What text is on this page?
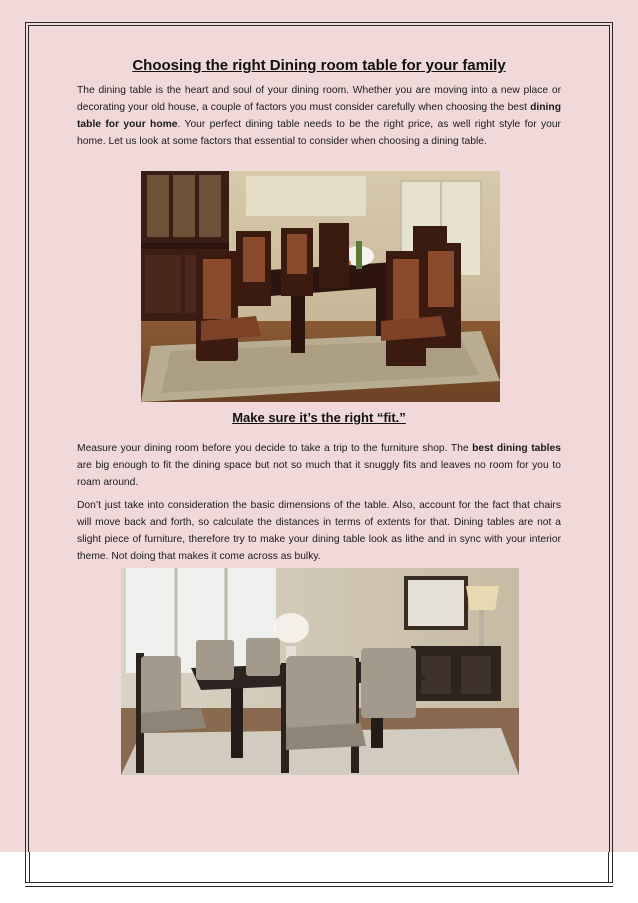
Choosing the right Dining room table for your family
The dining table is the heart and soul of your dining room. Whether you are moving into a new place or decorating your old house, a couple of factors you must consider carefully when choosing the best dining table for your home. Your perfect dining table needs to be the right price, as well right style for your home. Let us look at some factors that essential to consider when choosing a dining table.
Make sure it’s the right “fit.”
Measure your dining room before you decide to take a trip to the furniture shop. The best dining tables are big enough to fit the dining space but not so much that it snuggly fits and leaves no room for you to roam around.
Don’t just take into consideration the basic dimensions of the table. Also, account for the fact that chairs will move back and forth, so calculate the distances in terms of extents for that. Dining tables are not a slight piece of furniture, therefore try to make your dining table look as lithe and in sync with your interior theme. Not doing that makes it come across as bulky.
